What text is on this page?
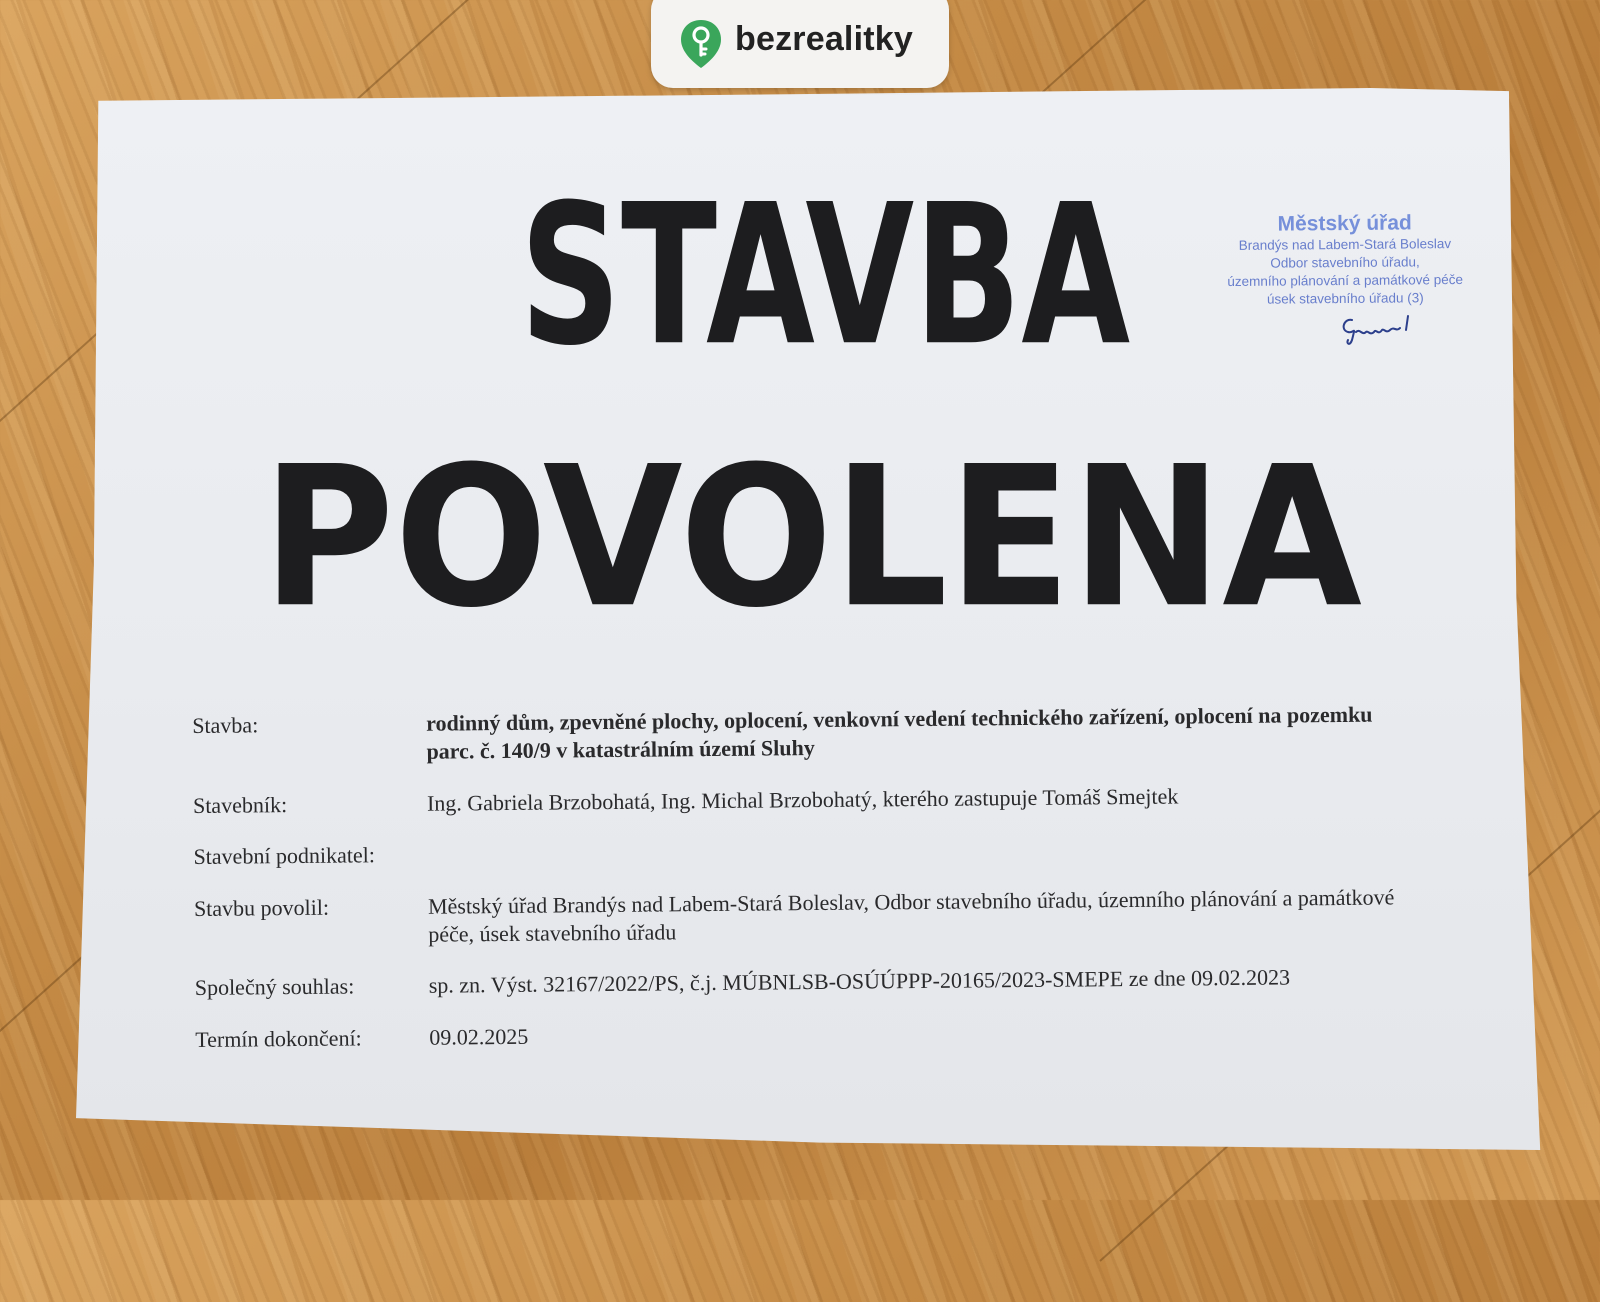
bezrealitky
STAVBA
POVOLENA
Městský úřad
Brandýs nad Labem-Stará Boleslav
Odbor stavebního úřadu,
územního plánování a památkové péče
úsek stavebního úřadu (3)
Stavba:	rodinný dům, zpevněné plochy, oplocení, venkovní vedení technického zařízení, oplocení na pozemku parc. č. 140/9 v katastrálním území Sluhy
Stavebník:	Ing. Gabriela Brzobohatá, Ing. Michal Brzobohatý, kterého zastupuje Tomáš Smejtek
Stavební podnikatel:
Stavbu povolil:	Městský úřad Brandýs nad Labem-Stará Boleslav, Odbor stavebního úřadu, územního plánování a památkové péče, úsek stavebního úřadu
Společný souhlas:	sp. zn. Výst. 32167/2022/PS, č.j. MÚBNLSB-OSÚÚPPP-20165/2023-SMEPE ze dne 09.02.2023
Termín dokončení:	09.02.2025
